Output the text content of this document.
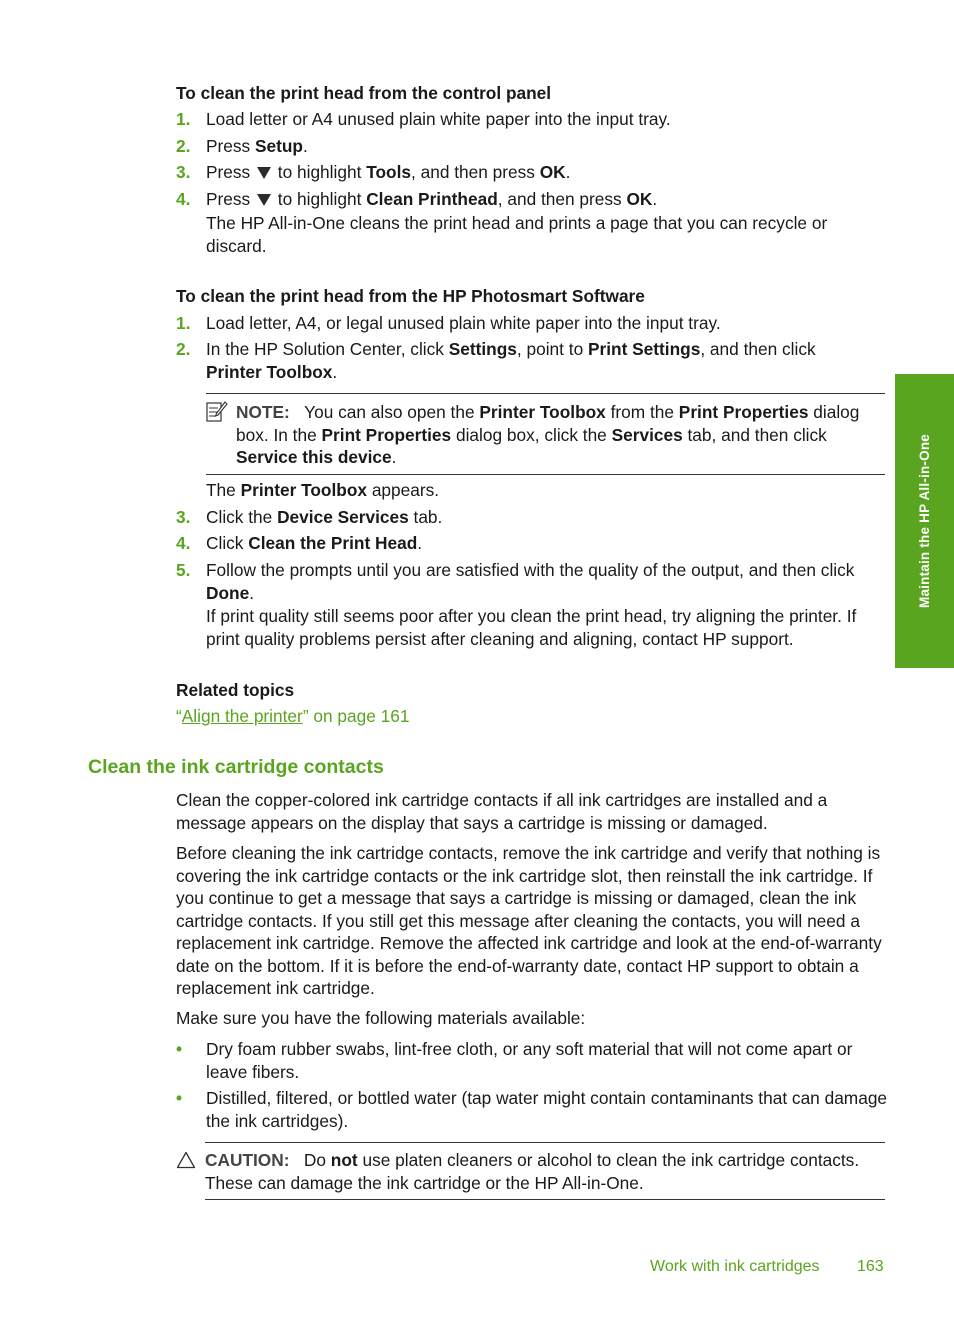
To clean the print head from the control panel
1. Load letter or A4 unused plain white paper into the input tray.
2. Press Setup.
3. Press  to highlight Tools, and then press OK.
4. Press  to highlight Clean Printhead, and then press OK.
The HP All-in-One cleans the print head and prints a page that you can recycle or discard.
To clean the print head from the HP Photosmart Software
1. Load letter, A4, or legal unused plain white paper into the input tray.
2. In the HP Solution Center, click Settings, point to Print Settings, and then click
Printer Toolbox.
NOTE: You can also open the Printer Toolbox from the Print Properties dialog box. In the Print Properties dialog box, click the Services tab, and then click Service this device.
The Printer Toolbox appears.
3. Click the Device Services tab.
4. Click Clean the Print Head.
5. Follow the prompts until you are satisfied with the quality of the output, and then click Done.
If print quality still seems poor after you clean the print head, try aligning the printer. If print quality problems persist after cleaning and aligning, contact HP support.
Related topics
“Align the printer” on page 161
Clean the ink cartridge contacts
Clean the copper-colored ink cartridge contacts if all ink cartridges are installed and a message appears on the display that says a cartridge is missing or damaged.
Before cleaning the ink cartridge contacts, remove the ink cartridge and verify that nothing is covering the ink cartridge contacts or the ink cartridge slot, then reinstall the ink cartridge. If you continue to get a message that says a cartridge is missing or damaged, clean the ink cartridge contacts. If you still get this message after cleaning the contacts, you will need a replacement ink cartridge. Remove the affected ink cartridge and look at the end-of-warranty date on the bottom. If it is before the end-of-warranty date, contact HP support to obtain a replacement ink cartridge.
Make sure you have the following materials available:
• Dry foam rubber swabs, lint-free cloth, or any soft material that will not come apart or leave fibers.
• Distilled, filtered, or bottled water (tap water might contain contaminants that can damage the ink cartridges).
CAUTION: Do not use platen cleaners or alcohol to clean the ink cartridge contacts. These can damage the ink cartridge or the HP All-in-One.
Maintain the HP All-in-One
Work with ink cartridges 163
